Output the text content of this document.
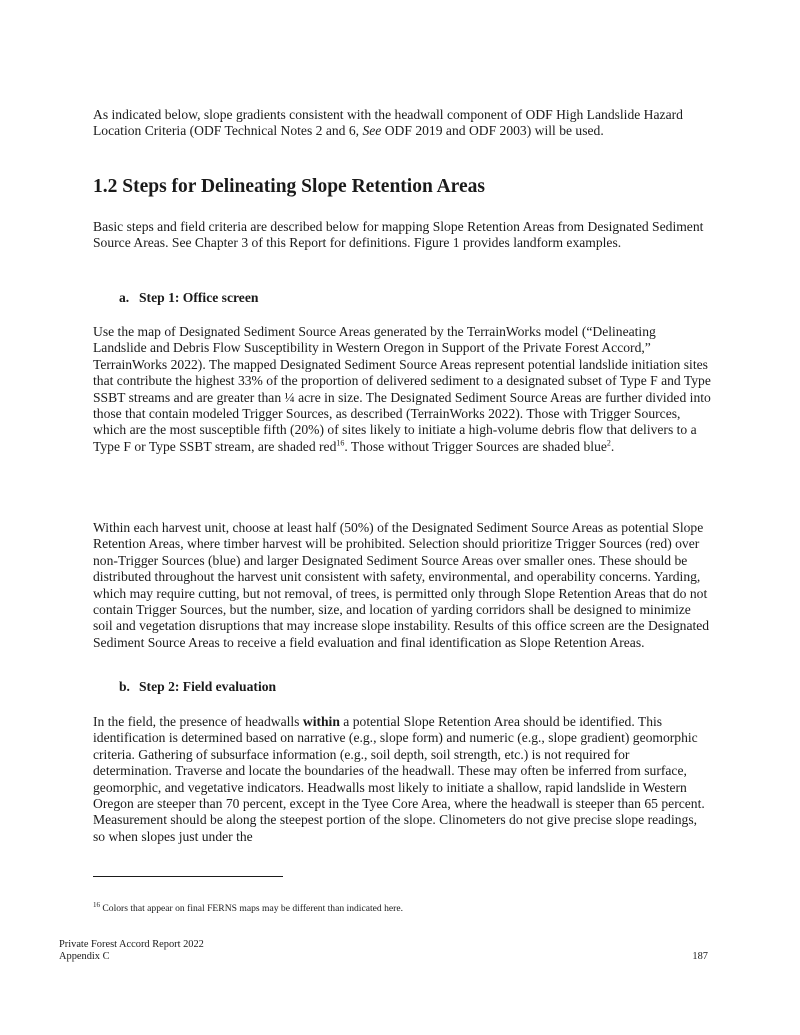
As indicated below, slope gradients consistent with the headwall component of ODF High Landslide Hazard Location Criteria (ODF Technical Notes 2 and 6, See ODF 2019 and ODF 2003) will be used.

1.2 Steps for Delineating Slope Retention Areas

Basic steps and field criteria are described below for mapping Slope Retention Areas from Designated Sediment Source Areas. See Chapter 3 of this Report for definitions. Figure 1 provides landform examples.

a. Step 1: Office screen

Use the map of Designated Sediment Source Areas generated by the TerrainWorks model (“Delineating Landslide and Debris Flow Susceptibility in Western Oregon in Support of the Private Forest Accord,” TerrainWorks 2022). The mapped Designated Sediment Source Areas represent potential landslide initiation sites that contribute the highest 33% of the proportion of delivered sediment to a designated subset of Type F and Type SSBT streams and are greater than ¼ acre in size. The Designated Sediment Source Areas are further divided into those that contain modeled Trigger Sources, as described (TerrainWorks 2022). Those with Trigger Sources, which are the most susceptible fifth (20%) of sites likely to initiate a high-volume debris flow that delivers to a Type F or Type SSBT stream, are shaded red$^{16}$. Those without Trigger Sources are shaded blue$^2$.

Within each harvest unit, choose at least half (50%) of the Designated Sediment Source Areas as potential Slope Retention Areas, where timber harvest will be prohibited. Selection should prioritize Trigger Sources (red) over non-Trigger Sources (blue) and larger Designated Sediment Source Areas over smaller ones. These should be distributed throughout the harvest unit consistent with safety, environmental, and operability concerns. Yarding, which may require cutting, but not removal, of trees, is permitted only through Slope Retention Areas that do not contain Trigger Sources, but the number, size, and location of yarding corridors shall be designed to minimize soil and vegetation disruptions that may increase slope instability. Results of this office screen are the Designated Sediment Source Areas to receive a field evaluation and final identification as Slope Retention Areas.

b. Step 2: Field evaluation

In the field, the presence of headwalls within a potential Slope Retention Area should be identified. This identification is determined based on narrative (e.g., slope form) and numeric (e.g., slope gradient) geomorphic criteria. Gathering of subsurface information (e.g., soil depth, soil strength, etc.) is not required for determination. Traverse and locate the boundaries of the headwall. These may often be inferred from surface, geomorphic, and vegetative indicators. Headwalls most likely to initiate a shallow, rapid landslide in Western Oregon are steeper than 70 percent, except in the Tyee Core Area, where the headwall is steeper than 65 percent. Measurement should be along the steepest portion of the slope. Clinometers do not give precise slope readings, so when slopes just under the

$^{16}$ Colors that appear on final FERNS maps may be different than indicated here.

Private Forest Accord Report 2022
Appendix C	187
